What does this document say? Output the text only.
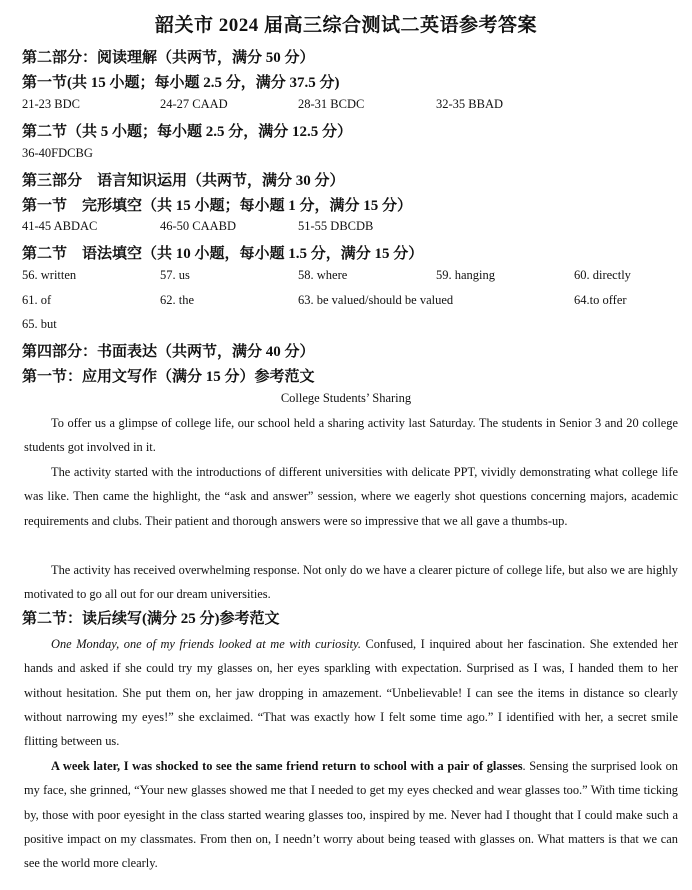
韶关市 2024 届高三综合测试二英语参考答案
第二部分：阅读理解（共两节，满分 50 分）
第一节(共 15 小题；每小题 2.5 分，满分 37.5 分)
21-23 BDC	24-27 CAAD	28-31 BCDC	32-35 BBAD
第二节（共 5 小题；每小题 2.5 分，满分 12.5 分）
36-40FDCBG
第三部分　语言知识运用（共两节，满分 30 分）
第一节　完形填空（共 15 小题；每小题 1 分，满分 15 分）
41-45 ABDAC	46-50 CAABD	51-55 DBCDB
第二节　语法填空（共 10 小题，每小题 1.5 分，满分 15 分）
56. written	57. us	58. where	59. hanging	60. directly
61. of	62. the	63. be valued/should be valued	64.to offer
65. but
第四部分：书面表达（共两节，满分 40 分）
第一节：应用文写作（满分 15 分）参考范文
College Students’ Sharing
To offer us a glimpse of college life, our school held a sharing activity last Saturday. The students in Senior 3 and 20 college students got involved in it.
The activity started with the introductions of different universities with delicate PPT, vividly demonstrating what college life was like. Then came the highlight, the “ask and answer” session, where we eagerly shot questions concerning majors, academic requirements and clubs. Their patient and thorough answers were so impressive that we all gave a thumbs-up.
The activity has received overwhelming response. Not only do we have a clearer picture of college life, but also we are highly motivated to go all out for our dream universities.
第二节：读后续写(满分 25 分)参考范文
One Monday, one of my friends looked at me with curiosity. Confused, I inquired about her fascination. She extended her hands and asked if she could try my glasses on, her eyes sparkling with expectation. Surprised as I was, I handed them to her without hesitation. She put them on, her jaw dropping in amazement. “Unbelievable! I can see the items in distance so clearly without narrowing my eyes!” she exclaimed. “That was exactly how I felt some time ago.” I identified with her, a secret smile flitting between us.
A week later, I was shocked to see the same friend return to school with a pair of glasses. Sensing the surprised look on my face, she grinned, “Your new glasses showed me that I needed to get my eyes checked and wear glasses too.” With time ticking by, those with poor eyesight in the class started wearing glasses too, inspired by me. Never had I thought that I could make such a positive impact on my classmates. From then on, I needn’t worry about being teased with glasses on. What matters is that we can see the world more clearly.
